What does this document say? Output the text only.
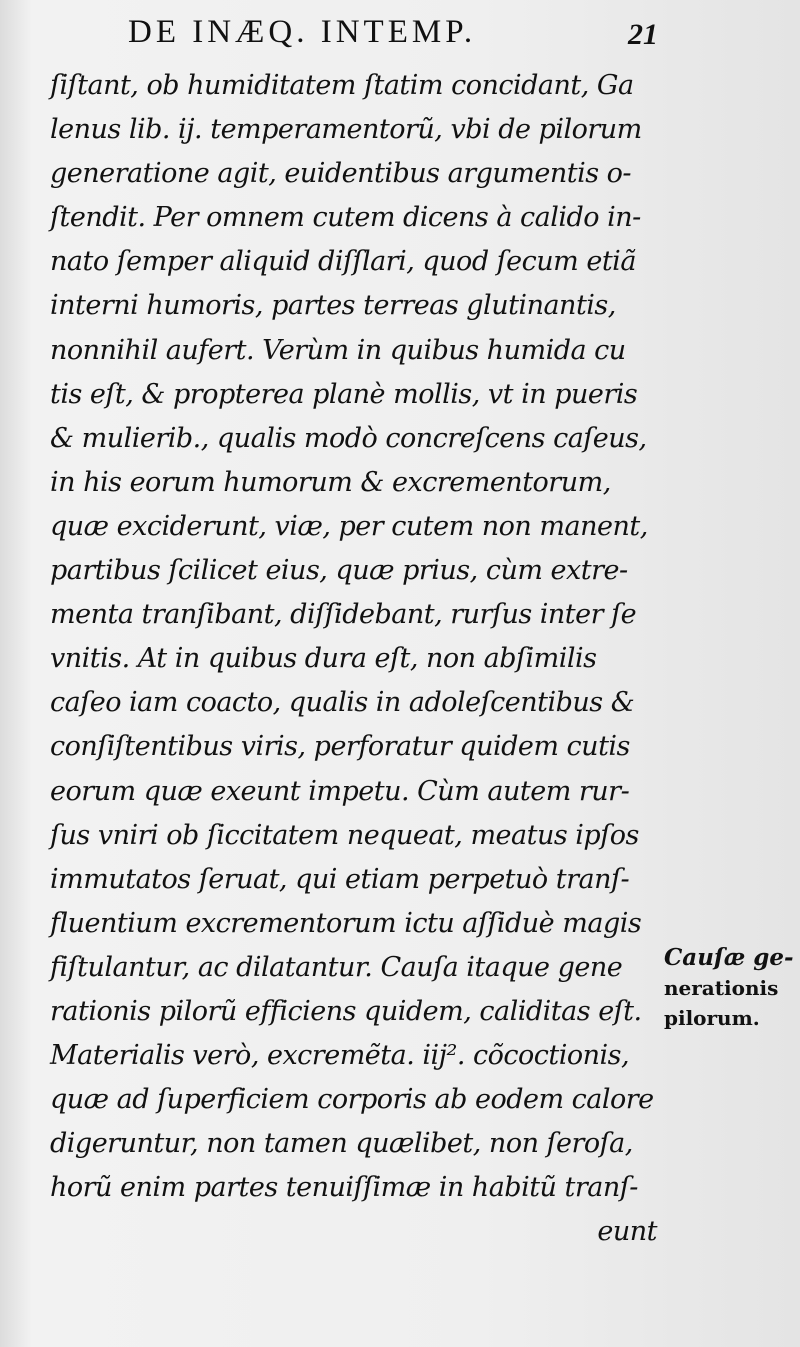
DE INÆQ. INTEMP.	21
ſiſtant, ob humiditatem ſtatim concidant, Ga
lenus lib. ij. temperamentorũ, vbi de pilorum
generatione agit, euidentibus argumentis o-
ſtendit. Per omnem cutem dicens à calido in-
nato ſemper aliquid diſſlari, quod ſecum etiã
interni humoris, partes terreas glutinantis,
nonnihil aufert. Verùm in quibus humida cu
tis eſt, & propterea planè mollis, vt in pueris
& mulierib., qualis modò concreſcens caſeus,
in his eorum humorum & excrementorum,
quæ exciderunt, viæ, per cutem non manent,
partibus ſcilicet eius, quæ prius, cùm extre-
menta tranſibant, diſſidebant, rurſus inter ſe
vnitis. At in quibus dura eſt, non abſimilis
caſeo iam coacto, qualis in adoleſcentibus &
conſiſtentibus viris, perforatur quidem cutis
eorum quæ exeunt impetu. Cùm autem rur-
ſus vniri ob ſiccitatem nequeat, meatus ipſos
immutatos ſeruat, qui etiam perpetuò tranſ-
fluentium excrementorum ictu aſſiduè magis
fiſtulantur, ac dilatantur. Cauſa itaque gene
rationis pilorũ efficiens quidem, caliditas eſt.
Materialis verò, excremẽta. iij². cõcoctionis,
quæ ad ſuperficiem corporis ab eodem calore
digeruntur, non tamen quælibet, non ſeroſa,
horũ enim partes tenuiſſimæ in habitũ tranſ-
eunt
Cauſæ ge-
nerationis
pilorum.
